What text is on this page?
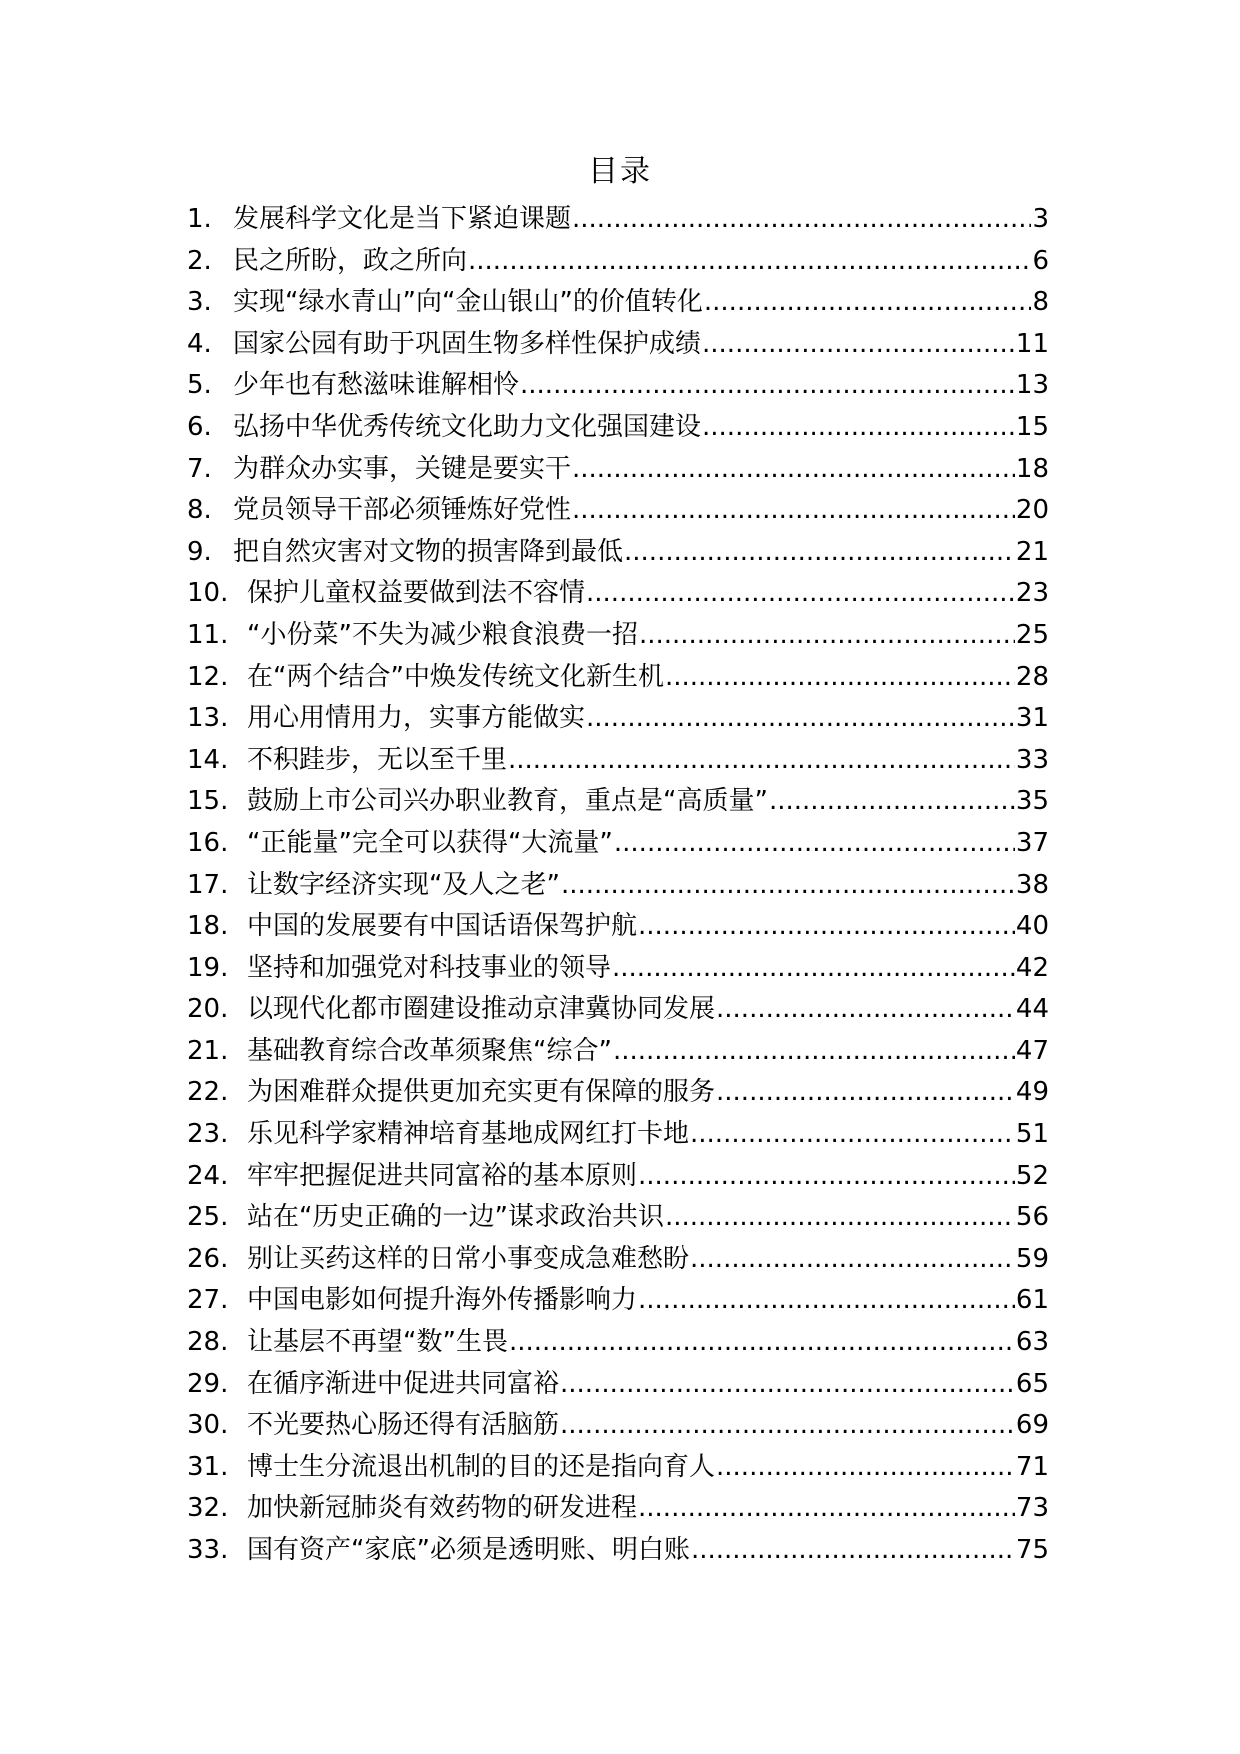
目录
1. 发展科学文化是当下紧迫课题 .....	3
2. 民之所盼，政之所向 .....	6
3. 实现“绿水青山”向“金山银山”的价值转化 .....	8
4. 国家公园有助于巩固生物多样性保护成绩 .....	11
5. 少年也有愁滋味谁解相怜 .....	13
6. 弘扬中华优秀传统文化助力文化强国建设 .....	15
7. 为群众办实事，关键是要实干 .....	18
8. 党员领导干部必须锤炼好党性 .....	20
9. 把自然灾害对文物的损害降到最低 .....	21
10. 保护儿童权益要做到法不容情 .....	23
11. “小份菜”不失为减少粮食浪费一招 .....	25
12. 在“两个结合”中焕发传统文化新生机 .....	28
13. 用心用情用力，实事方能做实 .....	31
14. 不积跬步，无以至千里 .....	33
15. 鼓励上市公司兴办职业教育，重点是“高质量” .....	35
16. “正能量”完全可以获得“大流量” .....	37
17. 让数字经济实现“及人之老” .....	38
18. 中国的发展要有中国话语保驾护航 .....	40
19. 坚持和加强党对科技事业的领导 .....	42
20. 以现代化都市圈建设推动京津冀协同发展 .....	44
21. 基础教育综合改革须聚焦“综合” .....	47
22. 为困难群众提供更加充实更有保障的服务 .....	49
23. 乐见科学家精神培育基地成网红打卡地 .....	51
24. 牢牢把握促进共同富裕的基本原则 .....	52
25. 站在“历史正确的一边”谋求政治共识 .....	56
26. 别让买药这样的日常小事变成急难愁盼 .....	59
27. 中国电影如何提升海外传播影响力 .....	61
28. 让基层不再望“数”生畏 .....	63
29. 在循序渐进中促进共同富裕 .....	65
30. 不光要热心肠还得有活脑筋 .....	69
31. 博士生分流退出机制的目的还是指向育人 .....	71
32. 加快新冠肺炎有效药物的研发进程 .....	73
33. 国有资产“家底”必须是透明账、明白账 .....	75
